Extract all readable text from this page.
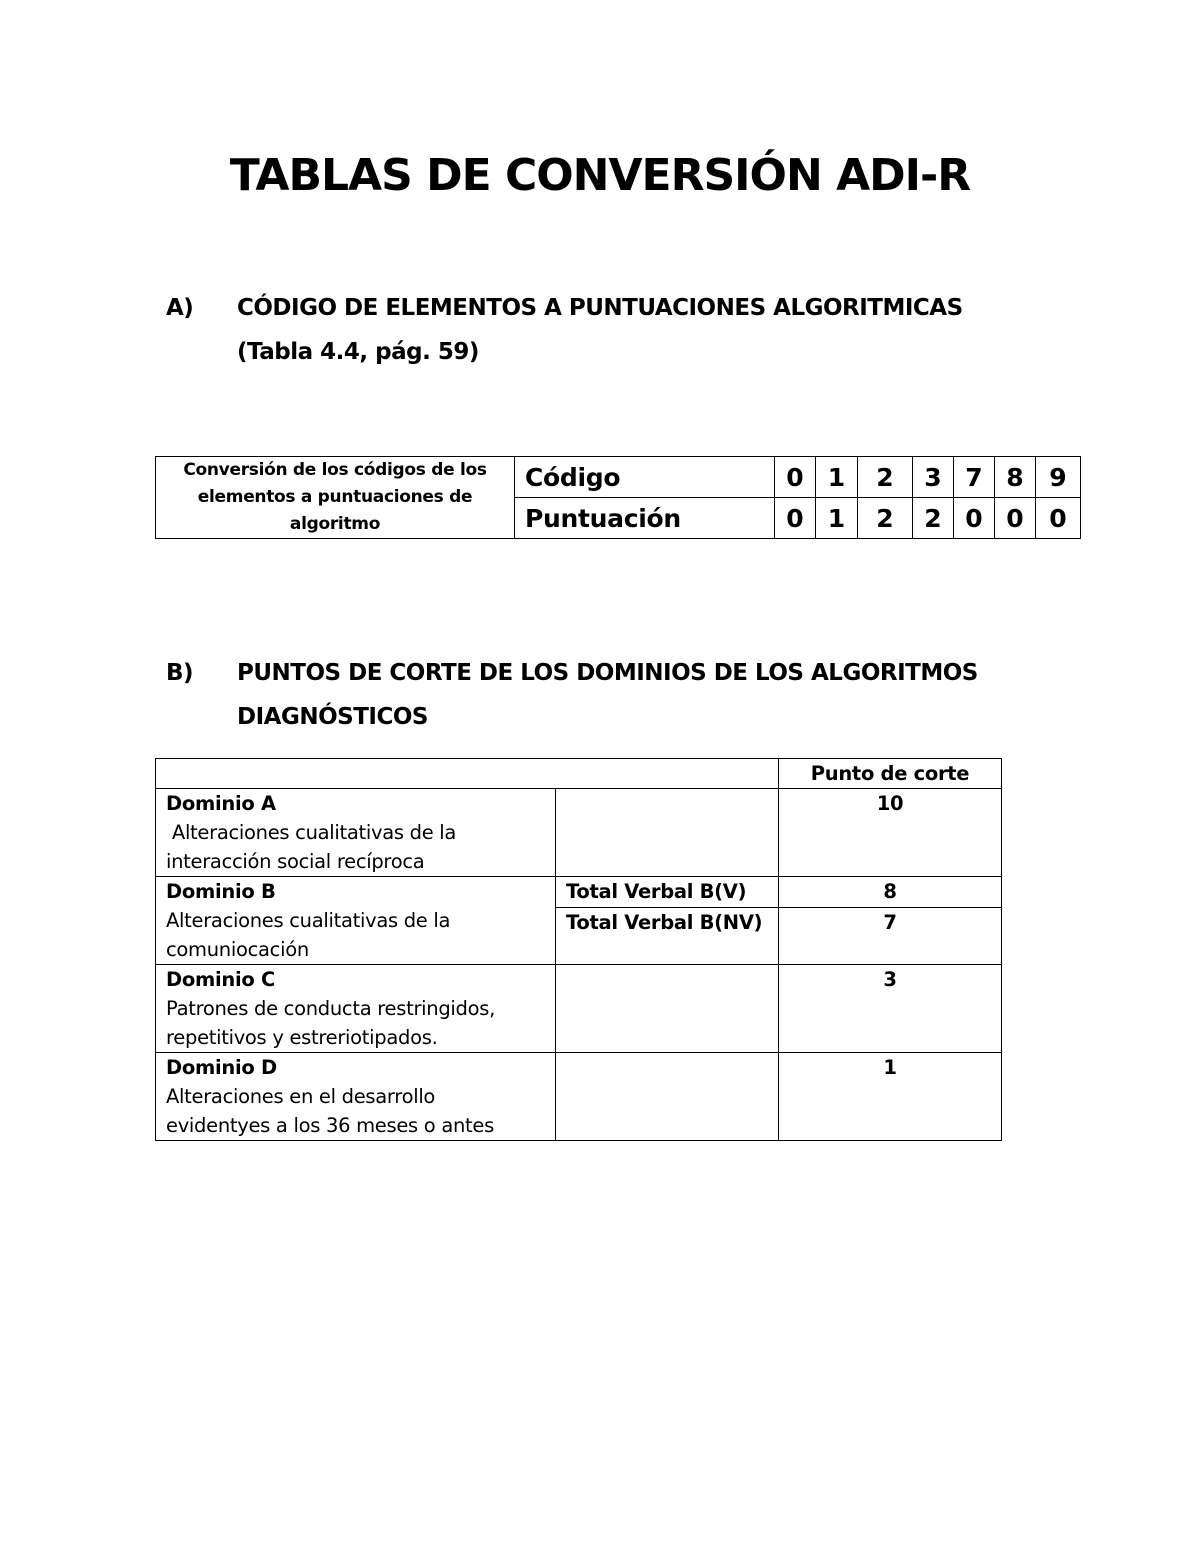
TABLAS DE CONVERSIÓN ADI-R
A) CÓDIGO DE ELEMENTOS A PUNTUACIONES ALGORITMICAS
(Tabla 4.4, pág. 59)
Conversión de los códigos de los elementos a puntuaciones de algoritmo	Código	0	1	2	3	7	8	9
	Puntuación	0	1	2	2	0	0	0
B) PUNTOS DE CORTE DE LOS DOMINIOS DE LOS ALGORITMOS
DIAGNÓSTICOS
		Punto de corte

Dominio A
Alteraciones cualitativas de la
interacción social recíproca		10

Dominio B
Alteraciones cualitativas de la
comuniocación	Total Verbal B(V)	8
	Total Verbal B(NV)	7

Dominio C
Patrones de conducta restringidos,
repetitivos y estreriotipados.		3

Dominio D
Alteraciones en el desarrollo
evidentyes a los 36 meses o antes		1
